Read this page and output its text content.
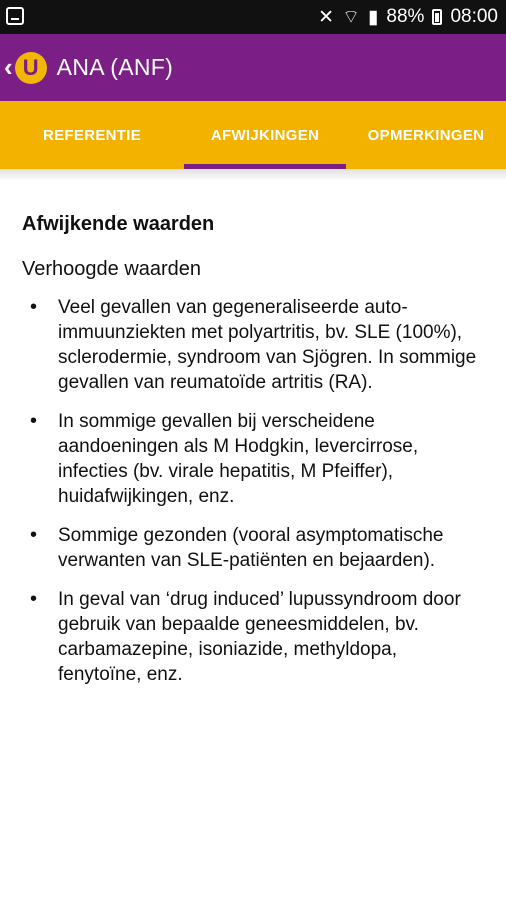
✕ ⌔ ▮ 88% 08:00
‹ U ANA (ANF)
REFERENTIE	AFWIJKINGEN	OPMERKINGEN
Afwijkende waarden
Verhoogde waarden
• Veel gevallen van gegeneraliseerde auto-immuunziekten met polyartritis, bv. SLE (100%), sclerodermie, syndroom van Sjögren. In sommige gevallen van reumatoïde artritis (RA).
• In sommige gevallen bij verscheidene aandoeningen als M Hodgkin, levercirrose, infecties (bv. virale hepatitis, M Pfeiffer), huidafwijkingen, enz.
• Sommige gezonden (vooral asymptomatische verwanten van SLE-patiënten en bejaarden).
• In geval van ‘drug induced’ lupussyndroom door gebruik van bepaalde geneesmiddelen, bv. carbamazepine, isoniazide, methyldopa, fenytoïne, enz.
